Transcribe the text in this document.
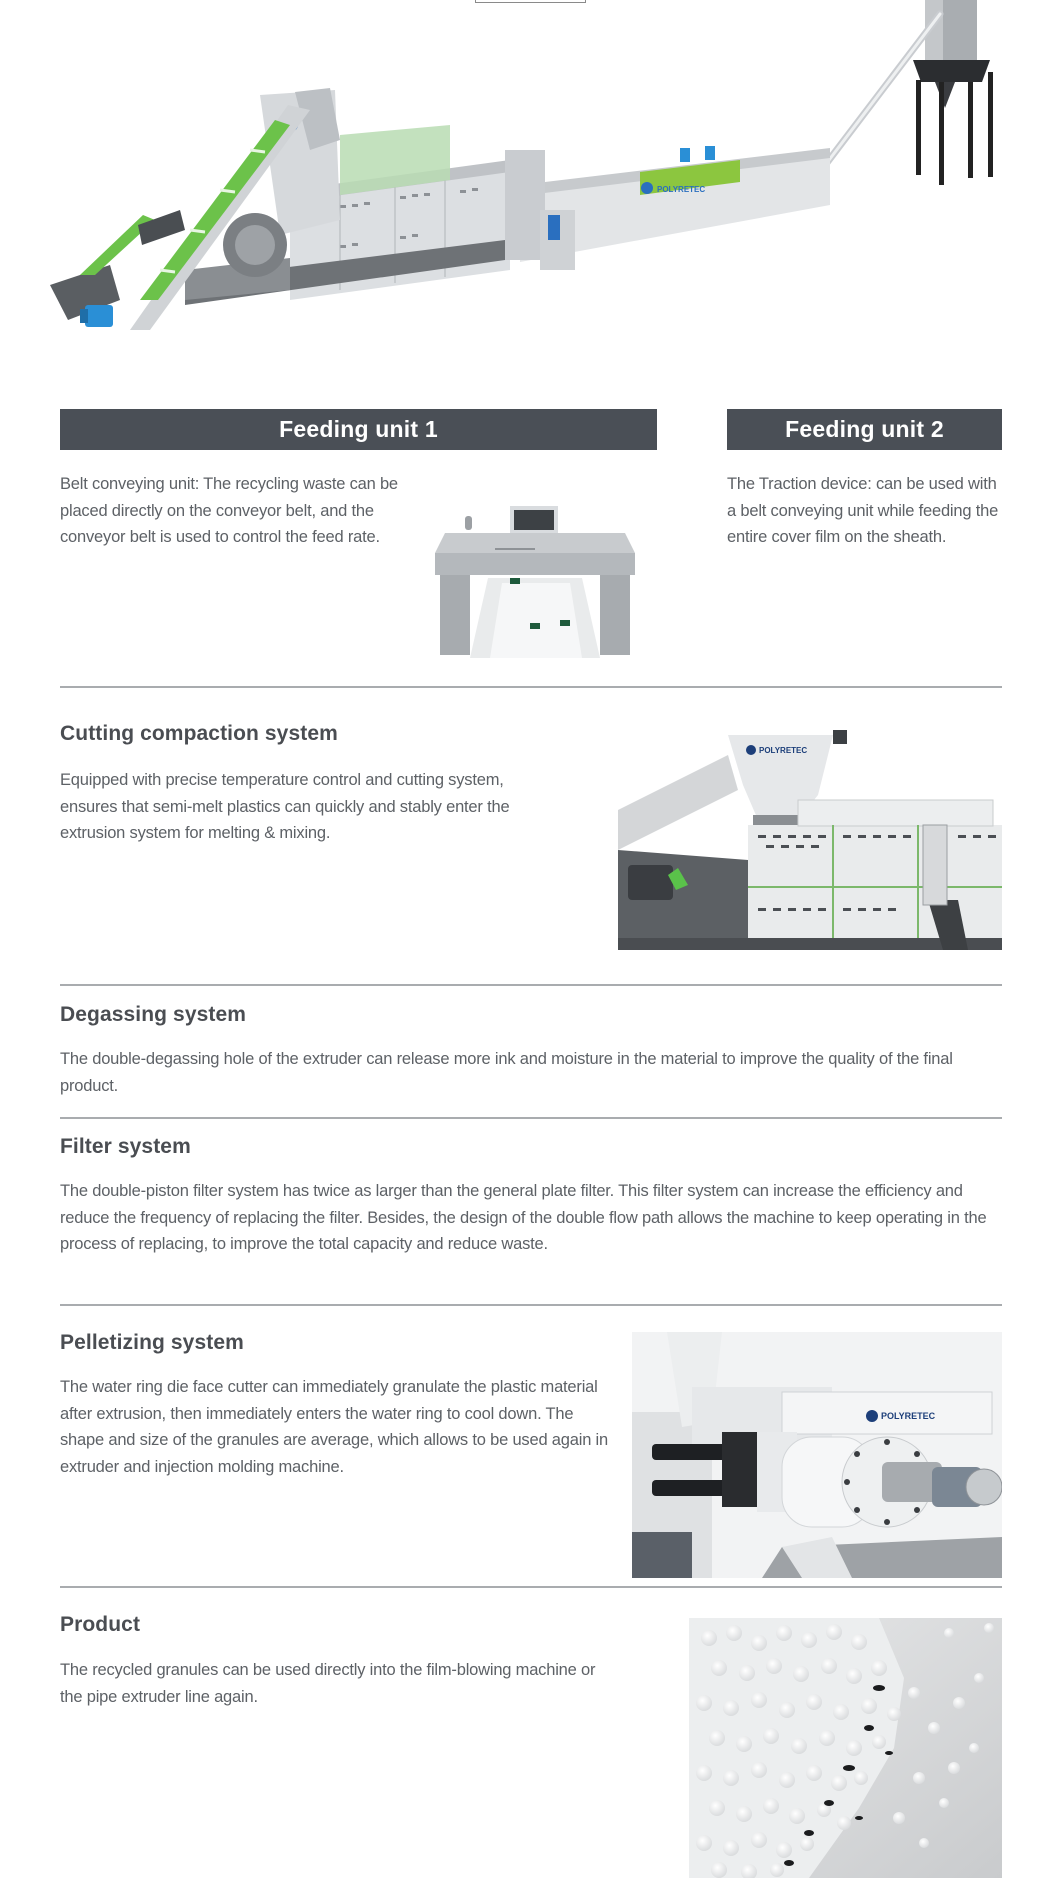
POLYRETEC
Feeding unit 1	Feeding unit 2

Belt conveying unit: The recycling waste can be placed directly on the conveyor belt, and the conveyor belt is used to control the feed rate.

The Traction device: can be used with a belt conveying unit while feeding the entire cover film on the sheath.

Cutting compaction system

Equipped with precise temperature control and cutting system, ensures that semi-melt plastics can quickly and stably enter the extrusion system for melting & mixing.

POLYRETEC
Degassing system

The double-degassing hole of the extruder can release more ink and moisture in the material to improve the quality of the final product.

Filter system

The double-piston filter system has twice as larger than the general plate filter. This filter system can increase the efficiency and reduce the frequency of replacing the filter. Besides, the design of the double flow path allows the machine to keep operating in the process of replacing, to improve the total capacity and reduce waste.

Pelletizing system

The water ring die face cutter can immediately granulate the plastic material after extrusion, then immediately enters the water ring to cool down. The shape and size of the granules are average, which allows to be used again in extruder and injection molding machine.

POLYRETEC
Product

The recycled granules can be used directly into the film-blowing machine or the pipe extruder line again.
